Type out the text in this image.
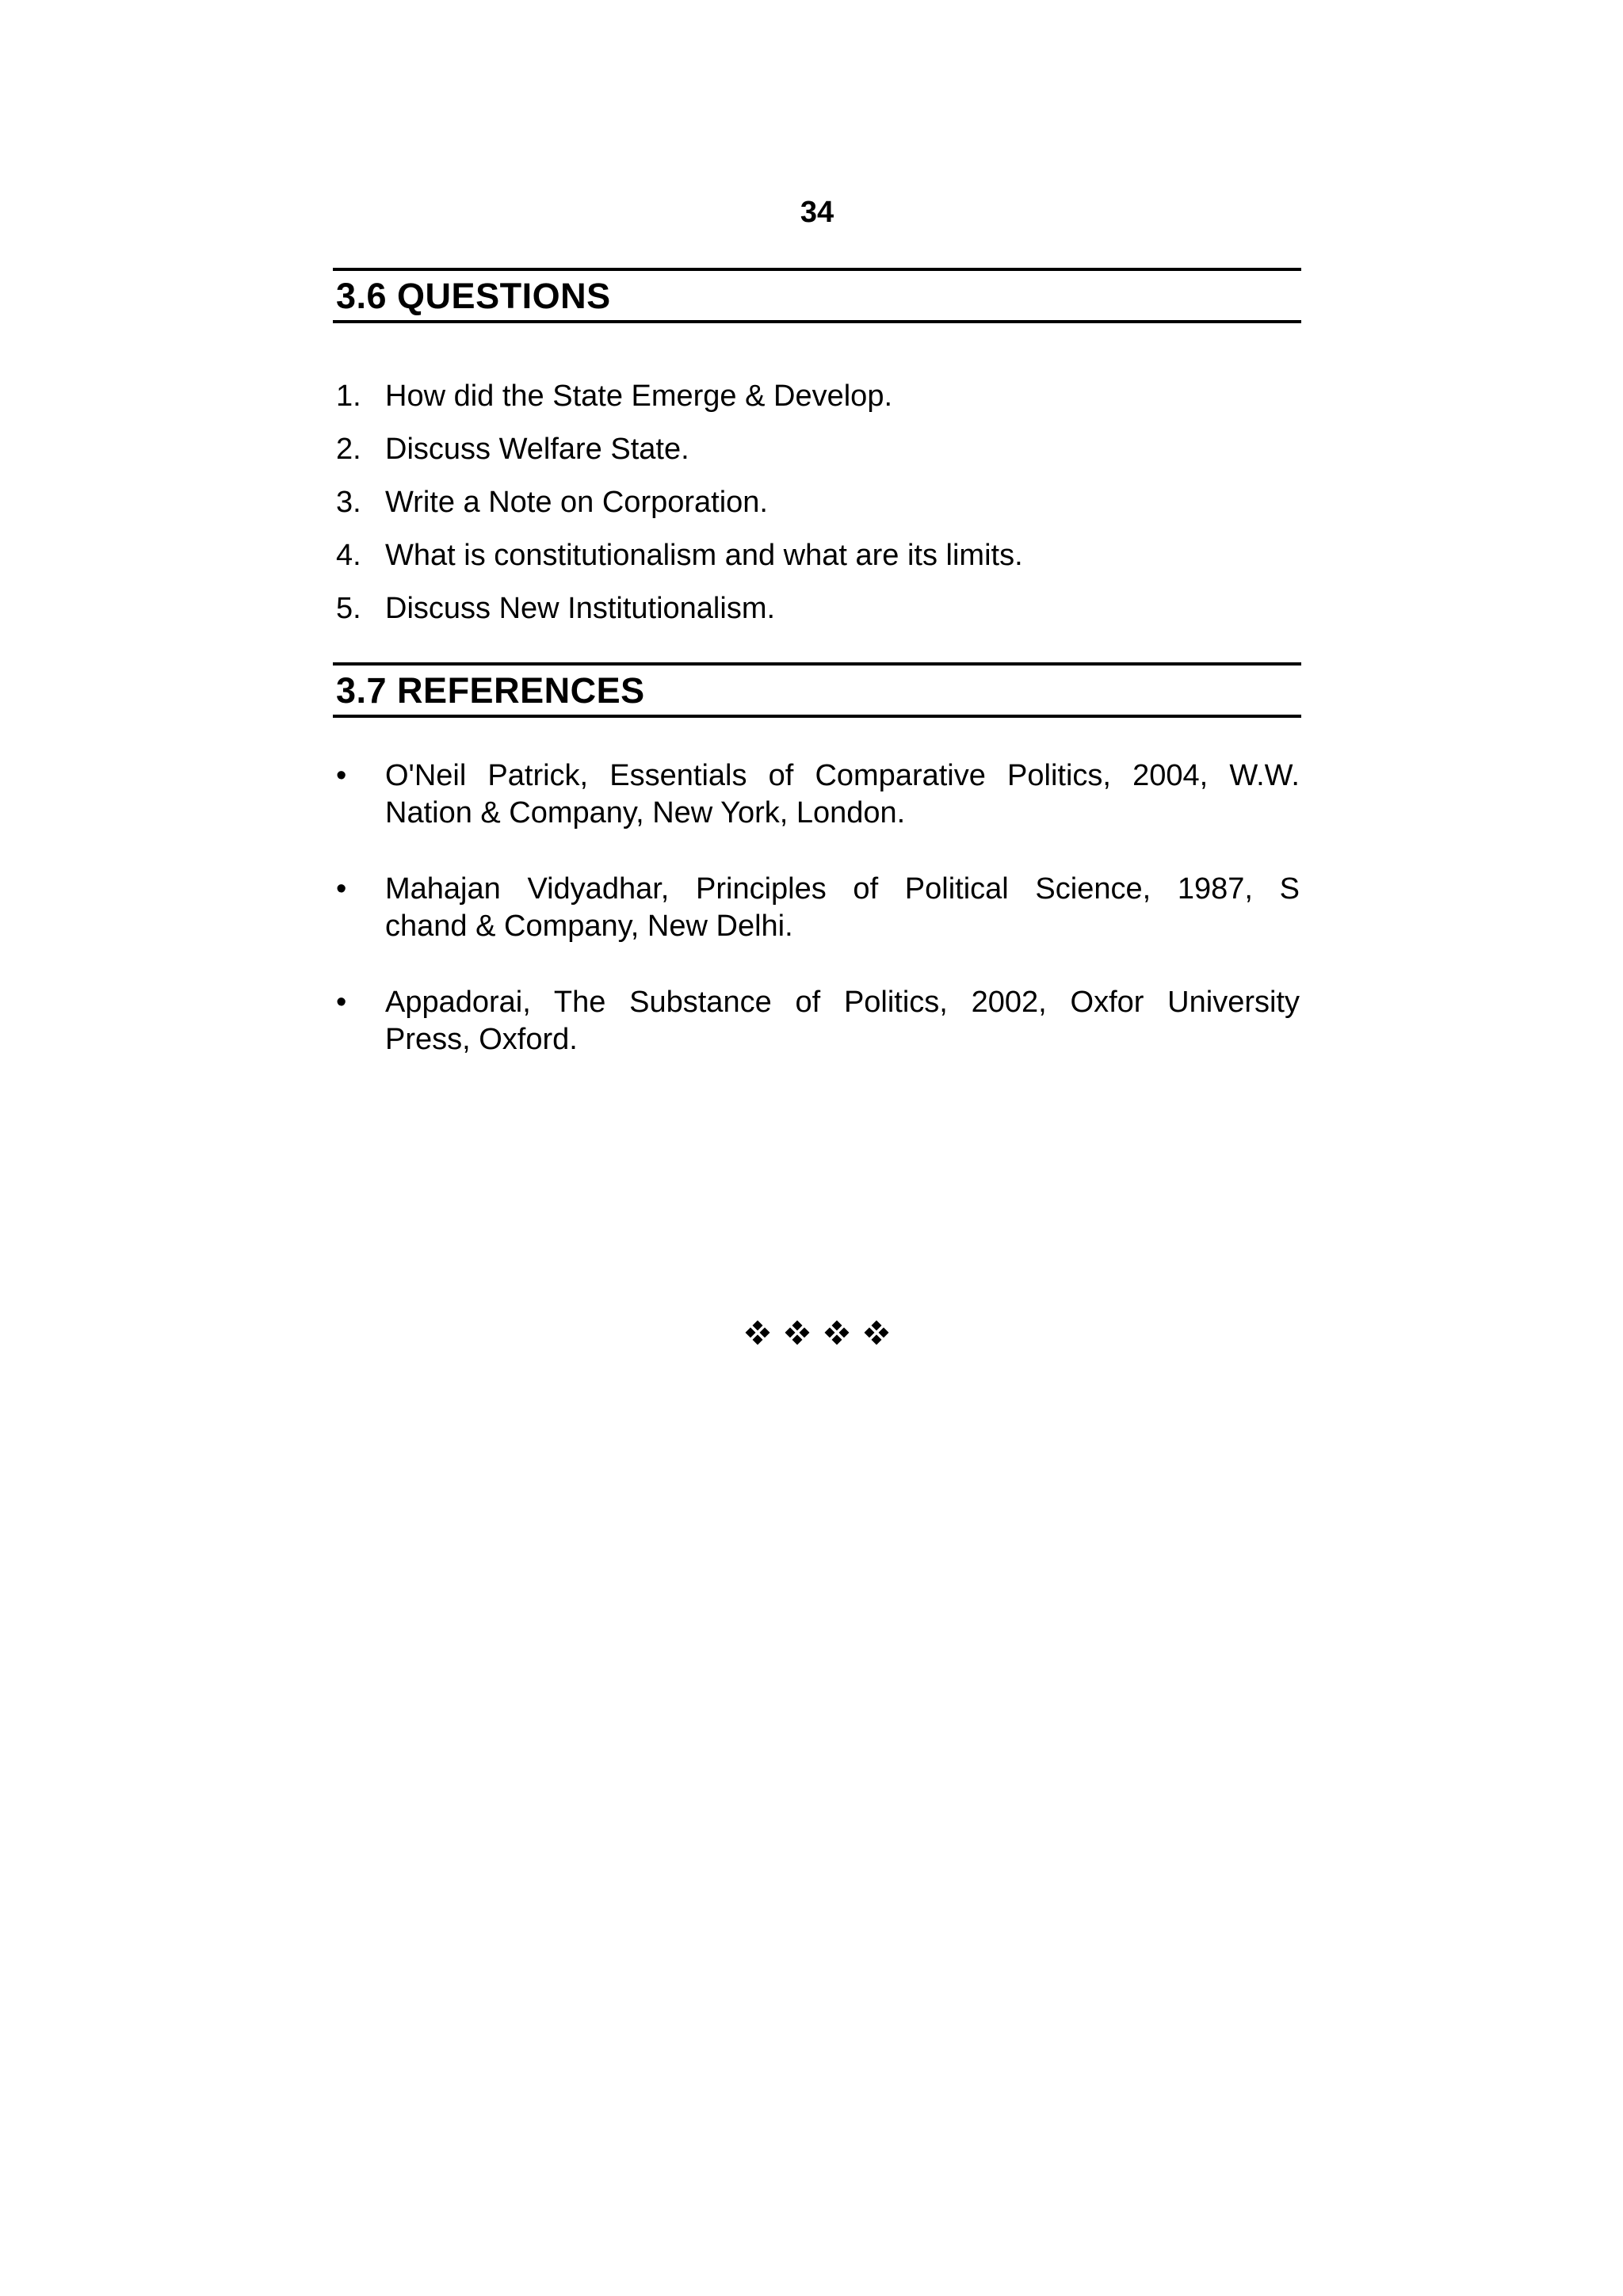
34
3.6 QUESTIONS
1. How did the State Emerge & Develop.
2. Discuss Welfare State.
3. Write a Note on Corporation.
4. What is constitutionalism and what are its limits.
5. Discuss New Institutionalism.
3.7 REFERENCES
• O'Neil Patrick, Essentials of Comparative Politics, 2004, W.W.
Nation & Company, New York, London.
• Mahajan Vidyadhar, Principles of Political Science, 1987, S
chand & Company, New Delhi.
• Appadorai, The Substance of Politics, 2002, Oxfor University
Press, Oxford.
